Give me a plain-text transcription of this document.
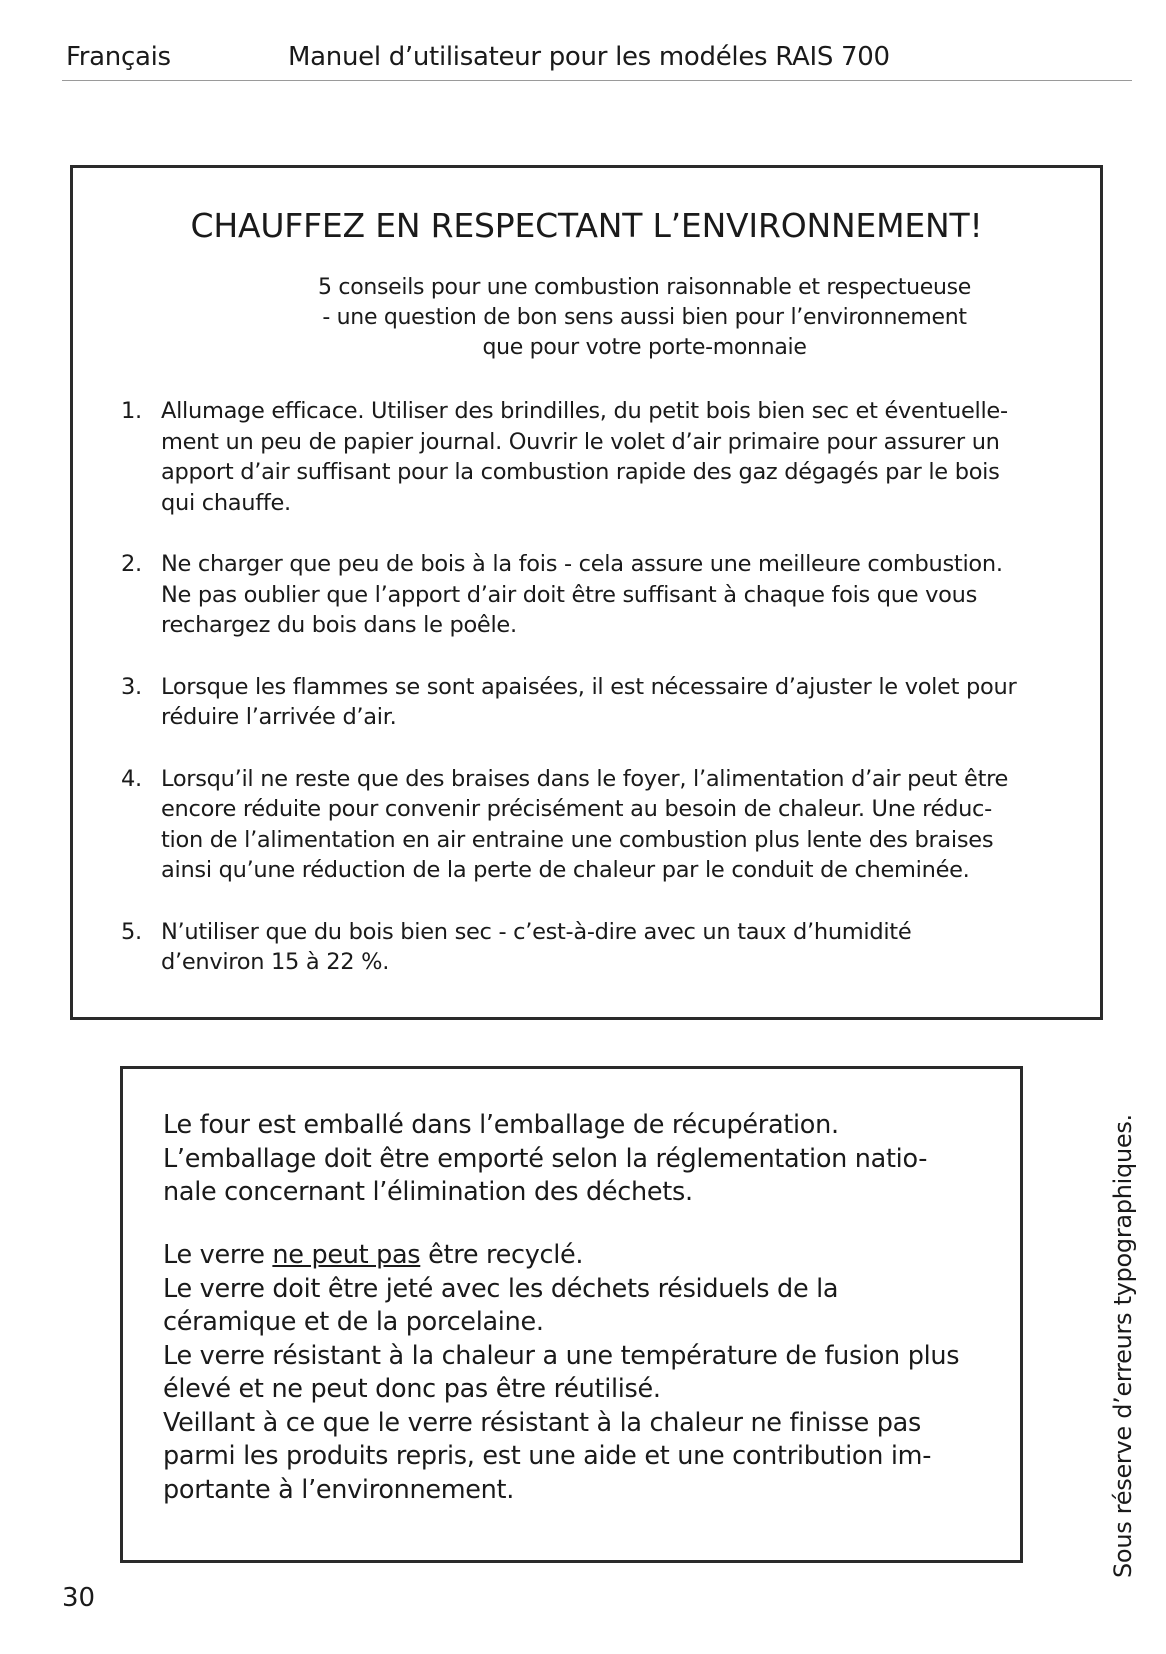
Français	Manuel d’utilisateur pour les modéles RAIS 700
CHAUFFEZ EN RESPECTANT L’ENVIRONNEMENT!
5 conseils pour une combustion raisonnable et respectueuse
- une question de bon sens aussi bien pour l’environnement
que pour votre porte-monnaie
1. Allumage efficace. Utiliser des brindilles, du petit bois bien sec et éventuelle-
ment un peu de papier journal. Ouvrir le volet d’air primaire pour assurer un
apport d’air suffisant pour la combustion rapide des gaz dégagés par le bois
qui chauffe.
2. Ne charger que peu de bois à la fois - cela assure une meilleure combustion.
Ne pas oublier que l’apport d’air doit être suffisant à chaque fois que vous
rechargez du bois dans le poêle.
3. Lorsque les flammes se sont apaisées, il est nécessaire d’ajuster le volet pour
réduire l’arrivée d’air.
4. Lorsqu’il ne reste que des braises dans le foyer, l’alimentation d’air peut être
encore réduite pour convenir précisément au besoin de chaleur. Une réduc-
tion de l’alimentation en air entraine une combustion plus lente des braises
ainsi qu’une réduction de la perte de chaleur par le conduit de cheminée.
5. N’utiliser que du bois bien sec - c’est-à-dire avec un taux d’humidité
d’environ 15 à 22 %.
Le four est emballé dans l’emballage de récupération.
L’emballage doit être emporté selon la réglementation natio-
nale concernant l’élimination des déchets.
Le verre ne peut pas être recyclé.
Le verre doit être jeté avec les déchets résiduels de la
céramique et de la porcelaine.
Le verre résistant à la chaleur a une température de fusion plus
élevé et ne peut donc pas être réutilisé.
Veillant à ce que le verre résistant à la chaleur ne finisse pas
parmi les produits repris, est une aide et une contribution im-
portante à l’environnement.	Sous réserve d’erreurs typographiques.
30
